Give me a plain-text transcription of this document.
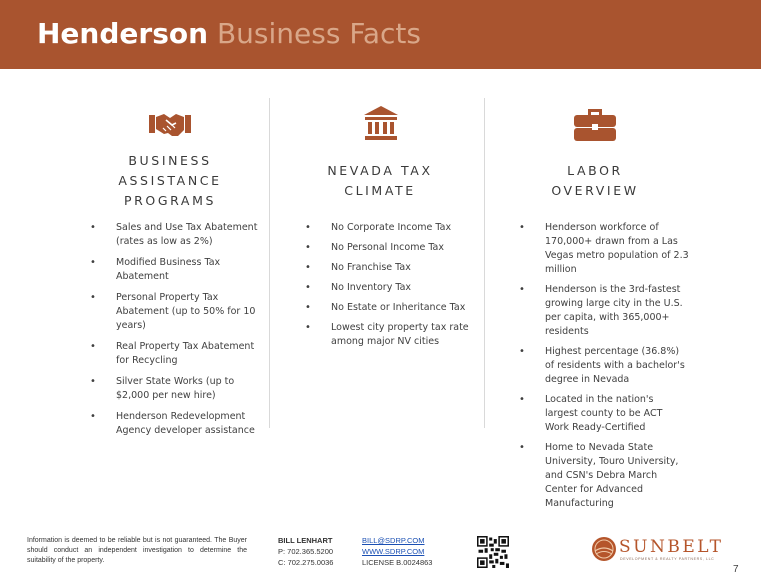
Henderson Business Facts
BUSINESS
ASSISTANCE
PROGRAMS
• Sales and Use Tax Abatement (rates as low as 2%)
• Modified Business Tax Abatement
• Personal Property Tax Abatement (up to 50% for 10 years)
• Real Property Tax Abatement for Recycling
• Silver State Works (up to $2,000 per new hire)
• Henderson Redevelopment Agency developer assistance
NEVADA TAX
CLIMATE
• No Corporate Income Tax
• No Personal Income Tax
• No Franchise Tax
• No Inventory Tax
• No Estate or Inheritance Tax
• Lowest city property tax rate among major NV cities
LABOR
OVERVIEW
• Henderson workforce of 170,000+ drawn from a Las Vegas metro population of 2.3 million
• Henderson is the 3rd-fastest growing large city in the U.S. per capita, with 365,000+ residents
• Highest percentage (36.8%) of residents with a bachelor's degree in Nevada
• Located in the nation's largest county to be ACT Work Ready-Certified
• Home to Nevada State University, Touro University, and CSN's Debra March Center for Advanced Manufacturing
Information is deemed to be reliable but is not guaranteed. The Buyer should conduct an independent investigation to determine the suitability of the property.
BILL LENHART
P: 702.365.5200
C: 702.275.0036
BILL@SDRP.COM
WWW.SDRP.COM
LICENSE B.0024863
SUNBELT
DEVELOPMENT & REALTY PARTNERS, LLC
7
